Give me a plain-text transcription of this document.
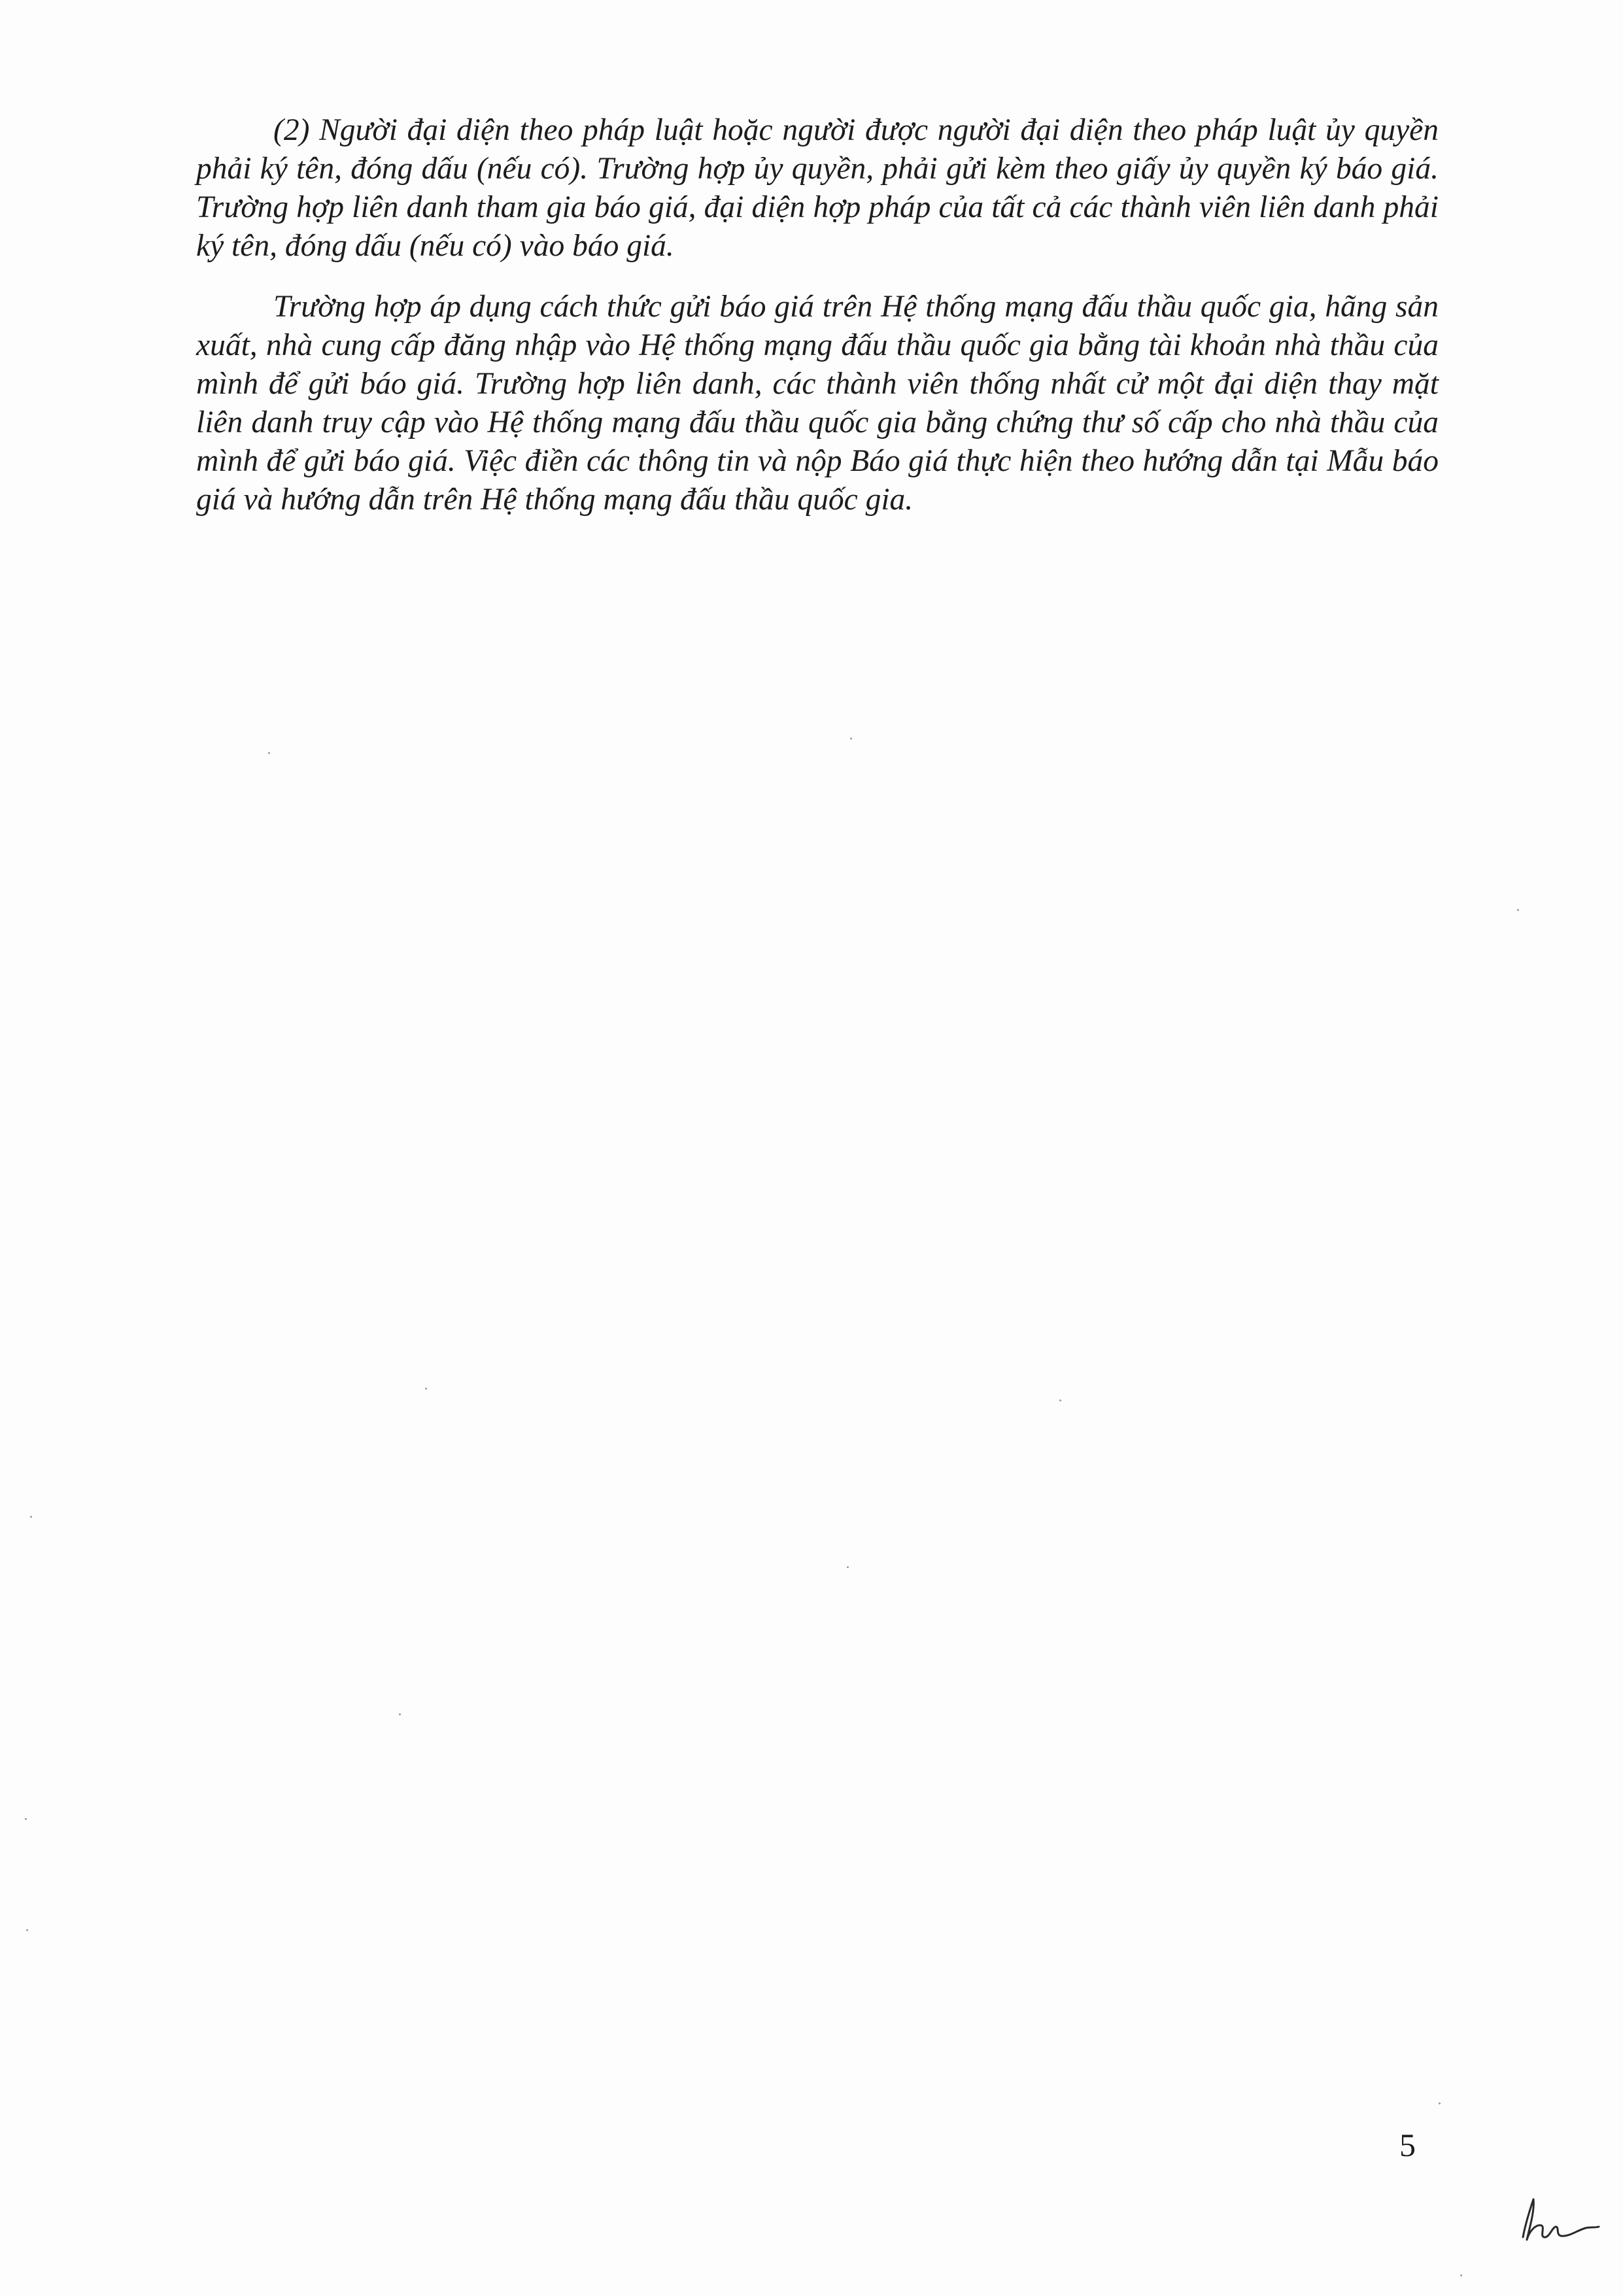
(2) Người đại diện theo pháp luật hoặc người được người đại diện theo pháp luật ủy quyền phải ký tên, đóng dấu (nếu có). Trường hợp ủy quyền, phải gửi kèm theo giấy ủy quyền ký báo giá. Trường hợp liên danh tham gia báo giá, đại diện hợp pháp của tất cả các thành viên liên danh phải ký tên, đóng dấu (nếu có) vào báo giá.

Trường hợp áp dụng cách thức gửi báo giá trên Hệ thống mạng đấu thầu quốc gia, hãng sản xuất, nhà cung cấp đăng nhập vào Hệ thống mạng đấu thầu quốc gia bằng tài khoản nhà thầu của mình để gửi báo giá. Trường hợp liên danh, các thành viên thống nhất cử một đại diện thay mặt liên danh truy cập vào Hệ thống mạng đấu thầu quốc gia bằng chứng thư số cấp cho nhà thầu của mình để gửi báo giá. Việc điền các thông tin và nộp Báo giá thực hiện theo hướng dẫn tại Mẫu báo giá và hướng dẫn trên Hệ thống mạng đấu thầu quốc gia.

5
